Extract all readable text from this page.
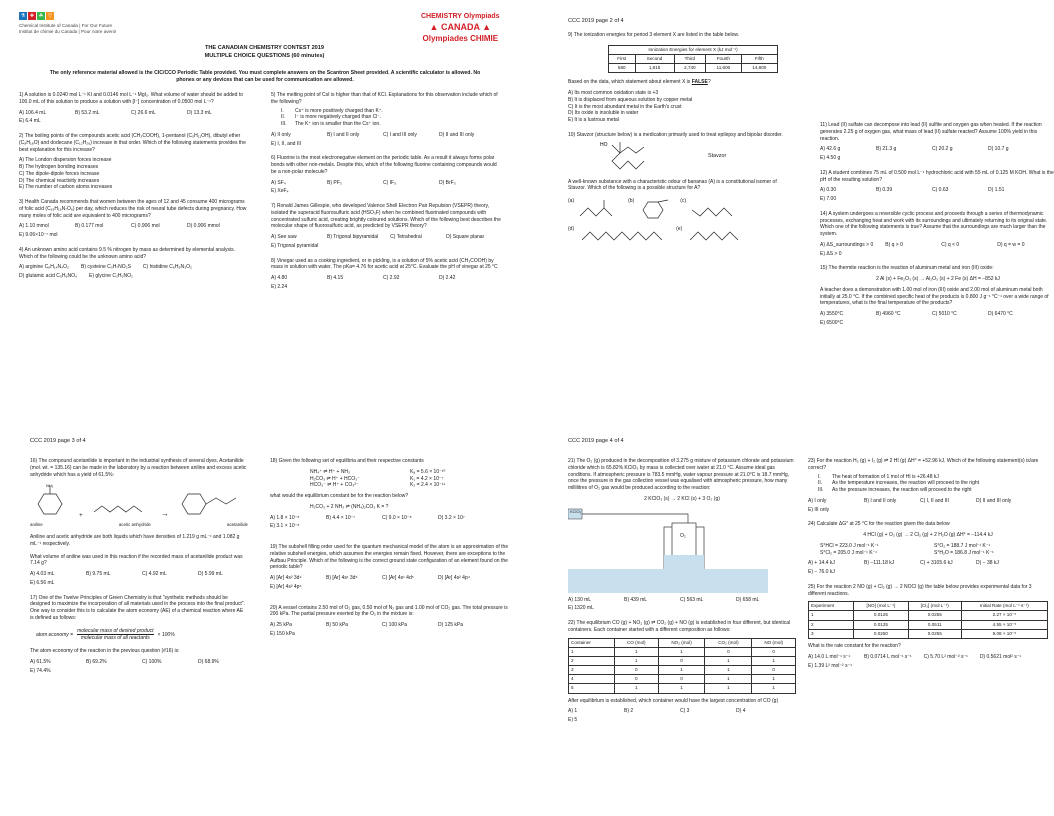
⚗ ✚ ☘ ▽
Chemical Institute of Canada | For Our Future
Institut de chimie du Canada | Pour notre avenir
CHEMISTRY Olympiads
▲ CANADA ▲
Olympiades CHIMIE
THE CANADIAN CHEMISTRY CONTEST 2019
MULTIPLE CHOICE QUESTIONS (60 minutes)
The only reference material allowed is the CIC/CCO Periodic Table provided. You must complete answers on the Scantron Sheet provided. A scientific calculator is allowed. No phones or any devices that can be used for communication are allowed.
1) A solution is 0.0240 mol L⁻¹ KI and 0.0146 mol L⁻¹ MgI₂. What volume of water should be added to 100.0 mL of this solution to produce a solution with [I⁻] concentration of 0.0500 mol L⁻¹?
A) 106.4 mL	B) 53.2 mL	C) 26.6 mL	D) 13.3 mL
E) 6.4 mL
2) The boiling points of the compounds acetic acid (CH₃COOH), 1-pentanol (C₅H₁₁OH), dibutyl ether (C₈H₁₈O) and dodecane (C₁₂H₂₆) increase in that order. Which of the following statements provides the best explanation for this increase?
A) The London dispersion forces increase
B) The hydrogen bonding increases
C) The dipole-dipole forces increase
D) The chemical reactivity increases
E) The number of carbon atoms increases
3) Health Canada recommends that women between the ages of 12 and 45 consume 400 micrograms of folic acid (C₁₉H₁₉N₇O₆) per day, which reduces the risk of neural tube defects during pregnancy. How many moles of folic acid are equivalent to 400 micrograms?
A) 1.10 mmol	B) 0.177 mol	C) 0.906 mol	D) 0.906 mmol
E) 9.06×10⁻⁷ mol
4) An unknown amino acid contains 9.5 % nitrogen by mass as determined by elemental analysis. Which of the following could be the unknown amino acid?
A) arginine C₆H₁₄N₄O₂ B) cysteine C₃H₇NO₂S C) histidine C₆H₉N₃O₂
D) glutamic acid C₅H₉NO₄ E) glycine C₂H₅NO₂
5) The melting point of CsI is higher than that of KCl. Explanations for this observation include which of the following?
I.	Cs⁺ is more positively charged than K⁺.
II.	I⁻ is more negatively charged than Cl⁻.
III.	The K⁺ ion is smaller than the Cs⁺ ion.
A) II only	B) I and II only	C) I and III only	D) II and III only
E) I, II, and III
6) Fluorine is the most electronegative element on the periodic table. As a result it always forms polar bonds with other non-metals. Despite this, which of the following fluorine containing compounds would be a non-polar molecule?
A) SF₄	B) PF₃	C) IF₅	D) BrF₃
E) XeF₄
7) Ronald James Gillespie, who developed Valence Shell Electron Pair Repulsion (VSEPR) theory, isolated the superacid fluorosulfuric acid (HSO₃F) when he combined fluorinated compounds with concentrated sulfuric acid, creating brightly coloured solutions. Which of the following best describes the molecular shape of fluorosulfuric acid, as predicted by VSEPR theory?
A) See saw	B) Trigonal bipyramidal C) Tetrahedral	D) Square planar
E) Trigonal pyramidal
8) Vinegar used as a cooking ingredient, or in pickling, is a solution of 5% acetic acid (CH₃COOH) by mass in solution with water. The pKa= 4.76 for acetic acid at 25°C. Evaluate the pH of vinegar at 25 °C
A) 4.80	B) 4.15	C) 2.92	D) 2.42
E) 2.24
CCC 2019 page 2 of 4
9) The ionization energies for period 3 element X are listed in the table below.
Ionization Energies for element X (kJ mol⁻¹)				
First	Second	Third	Fourth	Fifth
580	1,815	2,740	11,600	14,800
Based on the data, which statement about element X is FALSE?
A) Its most common oxidation state is +3
B) It is displaced from aqueous solution by copper metal
C) It is the most abundant metal in the Earth's crust
D) Its oxide is insoluble in water
E) It is a lustrous metal
10) Stavzor (structure below) is a medication primarily used to treat epilepsy and bipolar disorder.
HO
Stavzor
A well-known substance with a characteristic odour of bananas (A) is a constitutional isomer of Stavzor. Which of the following is a possible structure for A?
(a)	(b)	(c)
(d)	(e)
11) Lead (II) sulfate can decompose into lead (II) sulfite and oxygen gas when heated. If the reaction generates 2.25 g of oxygen gas, what mass of lead (II) sulfate reacted? Assume 100% yield in this reaction.
A) 42.6 g	B) 21.3 g	C) 20.2 g	D) 10.7 g
E) 4.50 g
12) A student combines 75 mL of 0.500 mol L⁻¹ hydrochloric acid with 55 mL of 0.125 M KOH. What is the pH of the resulting solution?
A) 0.30	B) 0.39	C) 0.63	D) 1.51
E) 7.00
14) A system undergoes a reversible cyclic process and proceeds through a series of thermodynamic processes, exchanging heat and work with its surroundings and ultimately returning to its original state. Which one of the following statements is true? Assume that the surroundings are much larger than the system.
A) ΔS_surroundings > 0 B) q > 0	C) q < 0	D) q = w = 0
E) ΔS > 0
15) The thermite reaction is the reaction of aluminum metal and iron (III) oxide:
2 Al (s) + Fe₂O₃ (s) → Al₂O₃ (s) + 2 Fe (s) ΔH = −852 kJ
A teacher does a demonstration with 1.00 mol of iron (III) oxide and 2.00 mol of aluminum metal both initially at 25.0 °C. If the combined specific heat of the products is 0.800 J g⁻¹ °C⁻¹ over a wide range of temperatures, what is the final temperature of the products?
A) 3550°C	B) 4960 °C	C) 5010 °C	D) 6470 °C
E) 6500°C
CCC 2019 page 3 of 4
16) The compound acetanilide is important in the industrial synthesis of several dyes. Acetanilide (mol. wt. = 135.16) can be made in the laboratory by a reaction between aniline and excess acetic anhydride which has a yield of 61.5%:
NH₂
+	→
aniline	acetic anhydride	acetanilide
Aniline and acetic anhydride are both liquids which have densities of 1.219 g mL⁻¹ and 1.082 g mL⁻¹ respectively.
What volume of aniline was used in this reaction if the recorded mass of acetanilide product was 7.14 g?
A) 4.03 mL	B) 9.75 mL	C) 4.92 mL	D) 5.99 mL
E) 6.56 mL
17) One of the Twelve Principles of Green Chemistry is that "synthetic methods should be designed to maximize the incorporation of all materials used in the process into the final product". One way to consider this is to calculate the atom economy (AE) of a chemical reaction where AE is defined as follows:
atom economy =
molecular mass of desired product
molecular mass of all reactants
× 100%
The atom economy of the reaction in the previous question (#16) is:
A) 61.5%	B) 69.2%	C) 100%	D) 68.9%
E) 74.4%
18) Given the following set of equilibria and their respective constants
NH₄⁺ ⇌ H⁺ + NH₃	Kₐ = 5.6 × 10⁻¹⁰
H₂CO₃ ⇌ H⁺ + HCO₃⁻	K₁ = 4.2 × 10⁻⁷
HCO₃⁻ ⇌ H⁺ + CO₃²⁻	K₂ = 2.4 × 10⁻¹¹
what would the equilibrium constant be for the reaction below?
H₂CO₃ + 2 NH₃ ⇌ (NH₄)₂CO₃ K = ?
A) 1.8 × 10⁻⁸	B) 4.4 × 10⁻⁷	C) 9.0 × 10⁻⁸	D) 3.2 × 10⁷
E) 3.1 × 10⁻⁸
19) The subshell filling order used for the quantum mechanical model of the atom is an approximation of the relative subshell energies, which assumes the energies remain fixed. However, there are exceptions to the Aufbau Principle. Which of the following is the correct ground state configuration of an element found on the periodic table?
A) [Ar] 4s² 3d⁴	B) [Ar] 4s¹ 3d⁵	C) [Ar] 4s¹ 4d⁵	D) [Ar] 4s² 4p⁴
E) [Ar] 4s² 4p⁶
20) A vessel contains 2.50 mol of O₂ gas, 0.50 mol of N₂ gas and 1.00 mol of CO₂ gas. The total pressure is 200 kPa. The partial pressure exerted by the O₂ in the mixture is:
A) 25 kPa	B) 50 kPa	C) 100 kPa	D) 125 kPa
E) 150 kPa
CCC 2019 page 4 of 4
21) The O₂ (g) produced in the decomposition of 3.275 g mixture of potassium chlorate and potassium chloride which is 65.82% KClO₃ by mass is collected over water at 21.0 °C. Assume ideal gas conditions. If atmospheric pressure is 783.5 mmHg, water vapour pressure at 21.0°C is 18.7 mmHg, once the pressure in the gas collection vessel was equalised with atmospheric pressure, how many millilitres of O₂ gas would be produced according to the reaction:
2 KClO₃ (s) → 2 KCl (s) + 3 O₂ (g)
KClO₃
O₂
A) 130 mL	B) 439 mL	C) 563 mL	D) 658 mL
E) 1320 mL
22) The equilibrium CO (g) + NO₂ (g) ⇌ CO₂ (g) + NO (g) is established in four different, but identical containers. Each container started with a different composition as follows:
Container	CO (mol)	NO₂ (mol)	CO₂ (mol)	NO (mol)
1	1	1	0	0
2	1	0	1	1
3	0	1	1	0
4	0	0	1	1
5	1	1	1	1
After equilibrium is established, which container would have the largest concentration of CO (g)
A) 1	B) 2	C) 3	D) 4
E) 5
23) For the reaction H₂ (g) + I₂ (g) ⇌ 2 HI (g) ΔH° = +52.96 kJ. Which of the following statement(s) is/are correct?
I.	The heat of formation of 1 mol of HI is +26.48 kJ
II.	As the temperature increases, the reaction will proceed to the right
III.	As the pressure increases, the reaction will proceed to the right
A) I only	B) I and II only	C) I, II and III	D) II and III only
E) III only
24) Calculate ΔG° at 25 °C for the reaction given the data below
4 HCl (g) + O₂ (g) → 2 Cl₂ (g) + 2 H₂O (g) ΔH° = −114.4 kJ
S°HCl = 223.0 J mol⁻¹ K⁻¹	S°O₂ = 188.7 J mol⁻¹ K⁻¹
S°Cl₂ = 205.0 J mol⁻¹ K⁻¹	S°H₂O = 186.8 J mol⁻¹ K⁻¹
A) + 14.4 kJ	B) −111.18 kJ	C) + 3105.6 kJ	D) − 38 kJ
E) − 76.0 kJ
25) For the reaction 2 NO (g) + Cl₂ (g) → 2 NOCl (g) the table below provides experimental data for 3 different reactions.
Experiment	[NO] (mol L⁻¹)	[Cl₂] (mol L⁻¹)	Initial Rate (mol L⁻¹ s⁻¹)
1	0.0125	0.0255	2.27 × 10⁻⁵
2	0.0125	0.0511	4.55 × 10⁻⁵
3	0.0250	0.0255	9.08 × 10⁻⁵
What is the rate constant for the reaction?
A) 14.0 L mol⁻¹ s⁻¹	B) 0.0714 L mol⁻¹ s⁻¹ C) 5.70 L² mol⁻² s⁻¹ D) 0.5621 mol² s⁻¹
E) 1.39 L² mol⁻² s⁻¹
